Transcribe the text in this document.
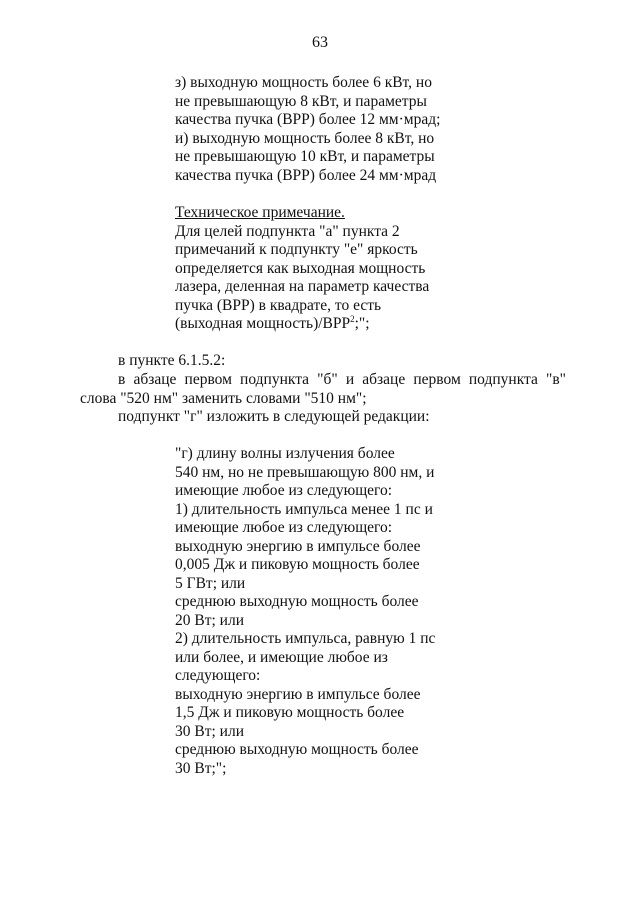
63
з) выходную мощность более 6 кВт, но
не превышающую 8 кВт, и параметры
качества пучка (BPP) более 12 мм·мрад;
и) выходную мощность более 8 кВт, но
не превышающую 10 кВт, и параметры
качества пучка (BPP) более 24 мм·мрад
Техническое примечание.
Для целей подпункта "а" пункта 2
примечаний к подпункту "е" яркость
определяется как выходная мощность
лазера, деленная на параметр качества
пучка (BPP) в квадрате, то есть
(выходная мощность)/BPP$^2$;";
в пункте 6.1.5.2:
в абзаце первом подпункта "б" и абзаце первом подпункта "в"
слова "520 нм" заменить словами "510 нм";
подпункт "г" изложить в следующей редакции:
"г) длину волны излучения более
540 нм, но не превышающую 800 нм, и
имеющие любое из следующего:
1) длительность импульса менее 1 пс и
имеющие любое из следующего:
выходную энергию в импульсе более
0,005 Дж и пиковую мощность более
5 ГВт; или
среднюю выходную мощность более
20 Вт; или
2) длительность импульса, равную 1 пс
или более, и имеющие любое из
следующего:
выходную энергию в импульсе более
1,5 Дж и пиковую мощность более
30 Вт; или
среднюю выходную мощность более
30 Вт;";
